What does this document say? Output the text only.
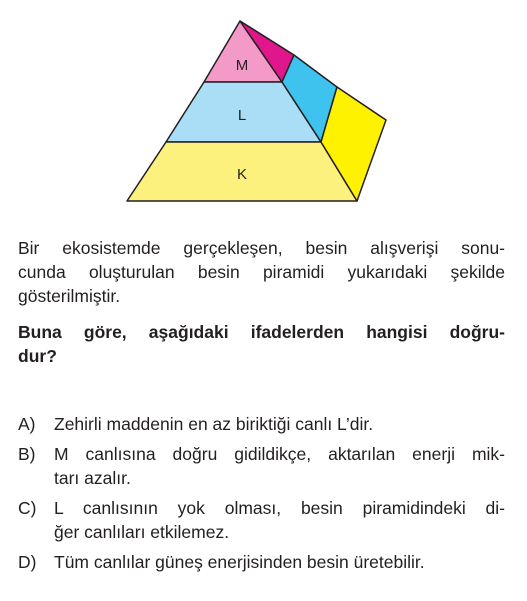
M
L
K

Bir ekosistemde gerçekleşen, besin alışverişi sonu-
cunda oluşturulan besin piramidi yukarıdaki şekilde
gösterilmiştir.

Buna göre, aşağıdaki ifadelerden hangisi doğru-
dur?

A) Zehirli maddenin en az biriktiği canlı L’dir.
B) M canlısına doğru gidildikçe, aktarılan enerji mik-
tarı azalır.
C) L canlısının yok olması, besin piramidindeki di-
ğer canlıları etkilemez.
D) Tüm canlılar güneş enerjisinden besin üretebilir.
